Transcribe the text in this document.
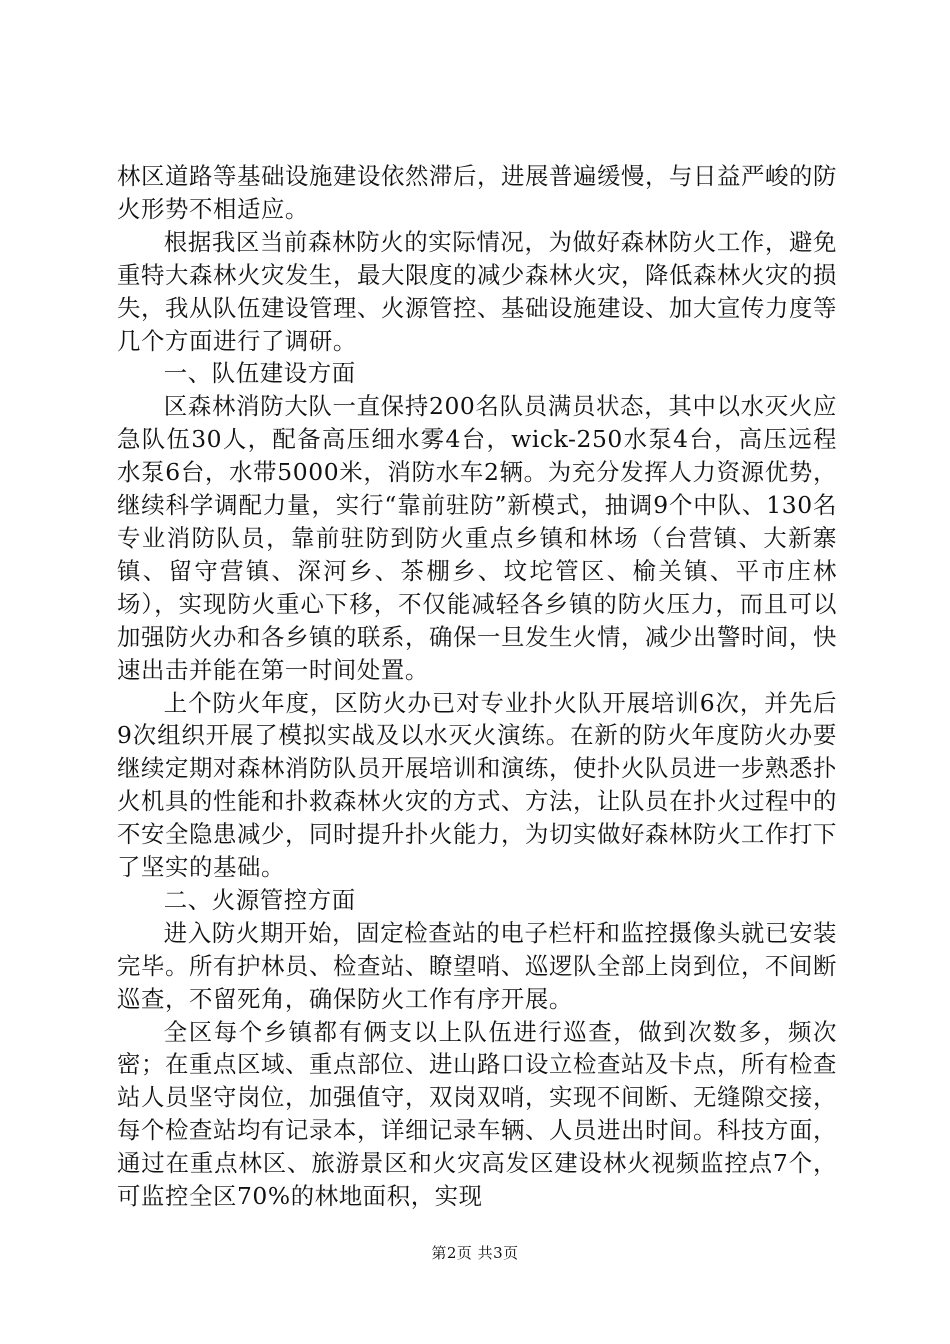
林区道路等基础设施建设依然滞后，进展普遍缓慢，与日益严峻的防火形势不相适应。

根据我区当前森林防火的实际情况，为做好森林防火工作，避免重特大森林火灾发生，最大限度的减少森林火灾，降低森林火灾的损失，我从队伍建设管理、火源管控、基础设施建设、加大宣传力度等几个方面进行了调研。

一、队伍建设方面

区森林消防大队一直保持200名队员满员状态，其中以水灭火应急队伍30人，配备高压细水雾4台，wick-250水泵4台，高压远程水泵6台，水带5000米，消防水车2辆。为充分发挥人力资源优势，继续科学调配力量，实行“靠前驻防”新模式，抽调9个中队、130名专业消防队员，靠前驻防到防火重点乡镇和林场（台营镇、大新寨镇、留守营镇、深河乡、茶棚乡、坟坨管区、榆关镇、平市庄林场），实现防火重心下移，不仅能减轻各乡镇的防火压力，而且可以加强防火办和各乡镇的联系，确保一旦发生火情，减少出警时间，快速出击并能在第一时间处置。

上个防火年度，区防火办已对专业扑火队开展培训6次，并先后9次组织开展了模拟实战及以水灭火演练。在新的防火年度防火办要继续定期对森林消防队员开展培训和演练，使扑火队员进一步熟悉扑火机具的性能和扑救森林火灾的方式、方法，让队员在扑火过程中的不安全隐患减少，同时提升扑火能力，为切实做好森林防火工作打下了坚实的基础。

二、火源管控方面

进入防火期开始，固定检查站的电子栏杆和监控摄像头就已安装完毕。所有护林员、检查站、瞭望哨、巡逻队全部上岗到位，不间断巡查，不留死角，确保防火工作有序开展。

全区每个乡镇都有俩支以上队伍进行巡查，做到次数多，频次密；在重点区域、重点部位、进山路口设立检查站及卡点，所有检查站人员坚守岗位，加强值守，双岗双哨，实现不间断、无缝隙交接，每个检查站均有记录本，详细记录车辆、人员进出时间。科技方面，通过在重点林区、旅游景区和火灾高发区建设林火视频监控点7个，可监控全区70%的林地面积，实现

第2页 共3页
